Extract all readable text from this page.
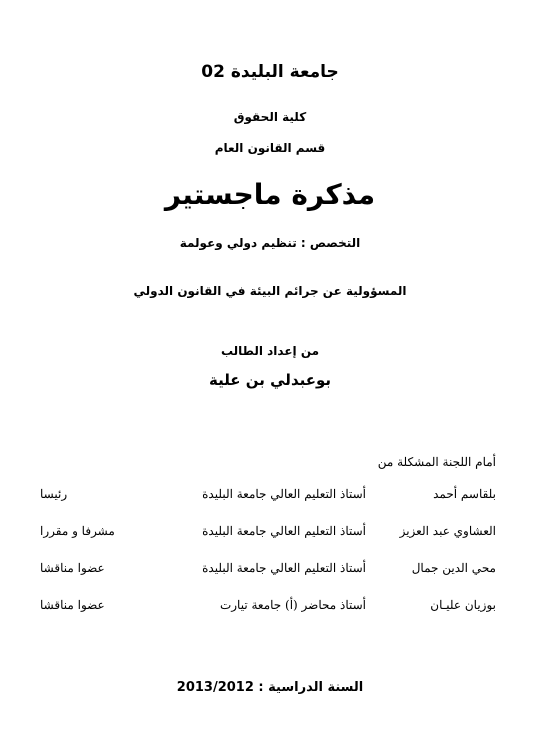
جامعة البليدة 02
كلية الحقوق
قسم القانون العام
مذكرة ماجستير
التخصص : تنظيم دولي وعولمة
المسؤولية عن جرائم البيئة في القانون الدولي
من إعداد الطالب
بوعبدلي بن علية
أمام اللجنة المشكلة من
بلقاسم أحمد
أستاذ التعليم العالي جامعة البليدة
رئيسا
العشاوي عبد العزيز
أستاذ التعليم العالي جامعة البليدة
مشرفا و مقررا
محي الدين جمال
أستاذ التعليم العالي جامعة البليدة
عضوا مناقشا
بوزيان عليـان
أستاذ محاضر (أ) جامعة تيارت
عضوا مناقشا
السنة الدراسية : 2013/2012
